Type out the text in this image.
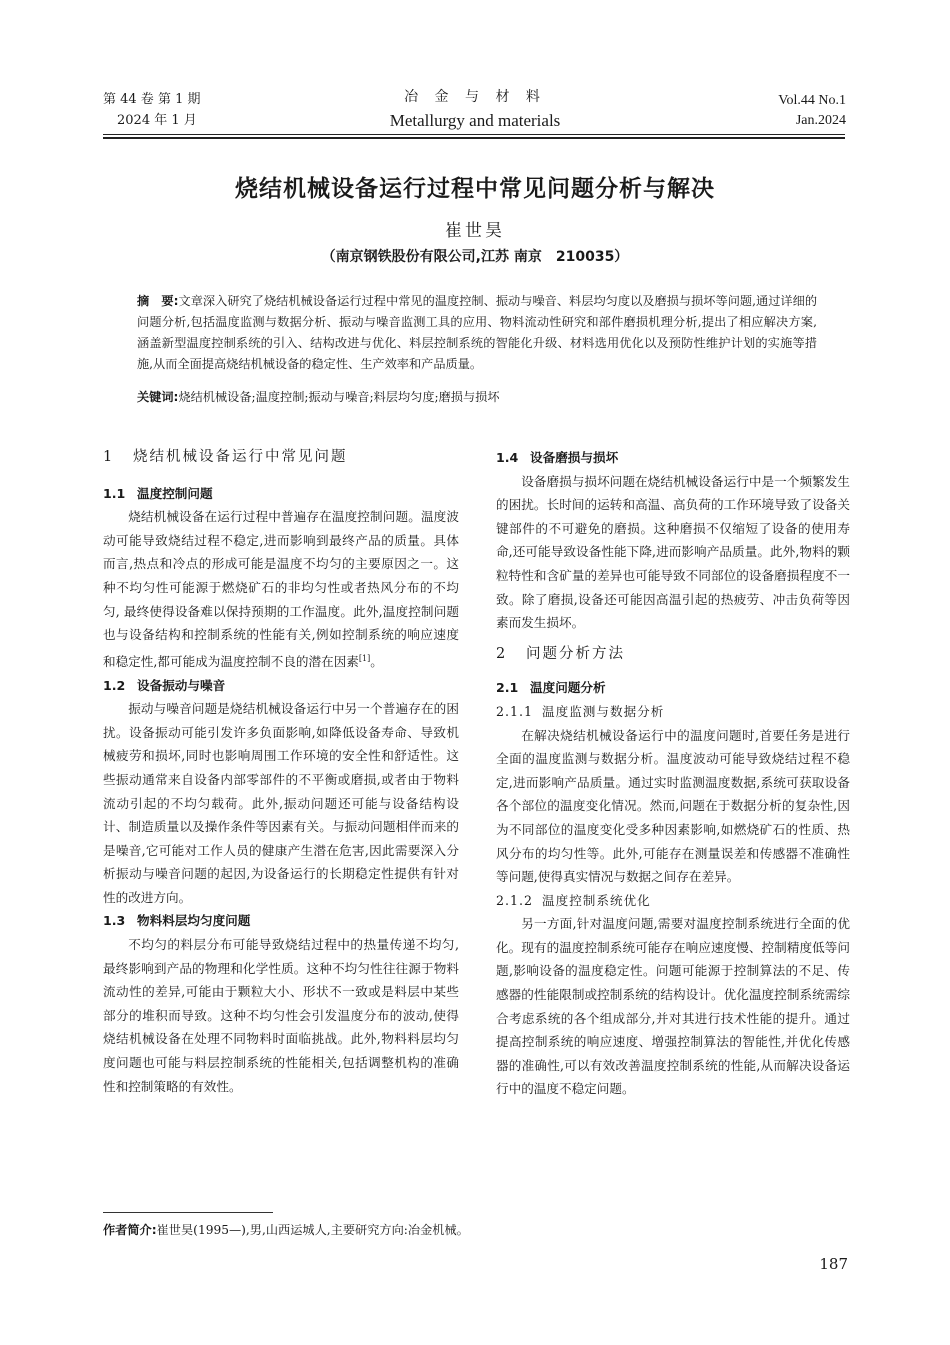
第 44 卷 第 1 期
2024 年 1 月
冶 金 与 材 料
Metallurgy and materials
Vol.44 No.1
Jan.2024
烧结机械设备运行过程中常见问题分析与解决
崔世昊
（南京钢铁股份有限公司,江苏 南京　210035）
摘　要:文章深入研究了烧结机械设备运行过程中常见的温度控制、振动与噪音、料层均匀度以及磨损与损坏等问题,通过详细的问题分析,包括温度监测与数据分析、振动与噪音监测工具的应用、物料流动性研究和部件磨损机理分析,提出了相应解决方案,涵盖新型温度控制系统的引入、结构改进与优化、料层控制系统的智能化升级、材料选用优化以及预防性维护计划的实施等措施,从而全面提高烧结机械设备的稳定性、生产效率和产品质量。
关键词:烧结机械设备;温度控制;振动与噪音;料层均匀度;磨损与损坏
1 烧结机械设备运行中常见问题
1.1 温度控制问题

烧结机械设备在运行过程中普遍存在温度控制问题。温度波动可能导致烧结过程不稳定,进而影响到最终产品的质量。具体而言,热点和冷点的形成可能是温度不均匀的主要原因之一。这种不均匀性可能源于燃烧矿石的非均匀性或者热风分布的不均匀, 最终使得设备难以保持预期的工作温度。此外,温度控制问题也与设备结构和控制系统的性能有关,例如控制系统的响应速度和稳定性,都可能成为温度控制不良的潜在因素[1]。

1.2 设备振动与噪音

振动与噪音问题是烧结机械设备运行中另一个普遍存在的困扰。设备振动可能引发许多负面影响,如降低设备寿命、导致机械疲劳和损坏,同时也影响周围工作环境的安全性和舒适性。这些振动通常来自设备内部零部件的不平衡或磨损,或者由于物料流动引起的不均匀载荷。此外,振动问题还可能与设备结构设计、制造质量以及操作条件等因素有关。与振动问题相伴而来的是噪音,它可能对工作人员的健康产生潜在危害,因此需要深入分析振动与噪音问题的起因,为设备运行的长期稳定性提供有针对性的改进方向。

1.3 物料料层均匀度问题

不均匀的料层分布可能导致烧结过程中的热量传递不均匀,最终影响到产品的物理和化学性质。这种不均匀性往往源于物料流动性的差异,可能由于颗粒大小、形状不一致或是料层中某些部分的堆积而导致。这种不均匀性会引发温度分布的波动,使得烧结机械设备在处理不同物料时面临挑战。此外,物料料层均匀度问题也可能与料层控制系统的性能相关,包括调整机构的准确性和控制策略的有效性。

1.4 设备磨损与损坏

设备磨损与损坏问题在烧结机械设备运行中是一个频繁发生的困扰。长时间的运转和高温、高负荷的工作环境导致了设备关键部件的不可避免的磨损。这种磨损不仅缩短了设备的使用寿命,还可能导致设备性能下降,进而影响产品质量。此外,物料的颗粒特性和含矿量的差异也可能导致不同部位的设备磨损程度不一致。除了磨损,设备还可能因高温引起的热疲劳、冲击负荷等因素而发生损坏。

2 问题分析方法
2.1 温度问题分析
2.1.1 温度监测与数据分析

在解决烧结机械设备运行中的温度问题时,首要任务是进行全面的温度监测与数据分析。温度波动可能导致烧结过程不稳定,进而影响产品质量。通过实时监测温度数据,系统可获取设备各个部位的温度变化情况。然而,问题在于数据分析的复杂性,因为不同部位的温度变化受多种因素影响,如燃烧矿石的性质、热风分布的均匀性等。此外,可能存在测量误差和传感器不准确性等问题,使得真实情况与数据之间存在差异。

2.1.2 温度控制系统优化

另一方面,针对温度问题,需要对温度控制系统进行全面的优化。现有的温度控制系统可能存在响应速度慢、控制精度低等问题,影响设备的温度稳定性。问题可能源于控制算法的不足、传感器的性能限制或控制系统的结构设计。优化温度控制系统需综合考虑系统的各个组成部分,并对其进行技术性能的提升。通过提高控制系统的响应速度、增强控制算法的智能性,并优化传感器的准确性,可以有效改善温度控制系统的性能,从而解决设备运行中的温度不稳定问题。

作者简介:崔世昊(1995—),男,山西运城人,主要研究方向:冶金机械。
187
